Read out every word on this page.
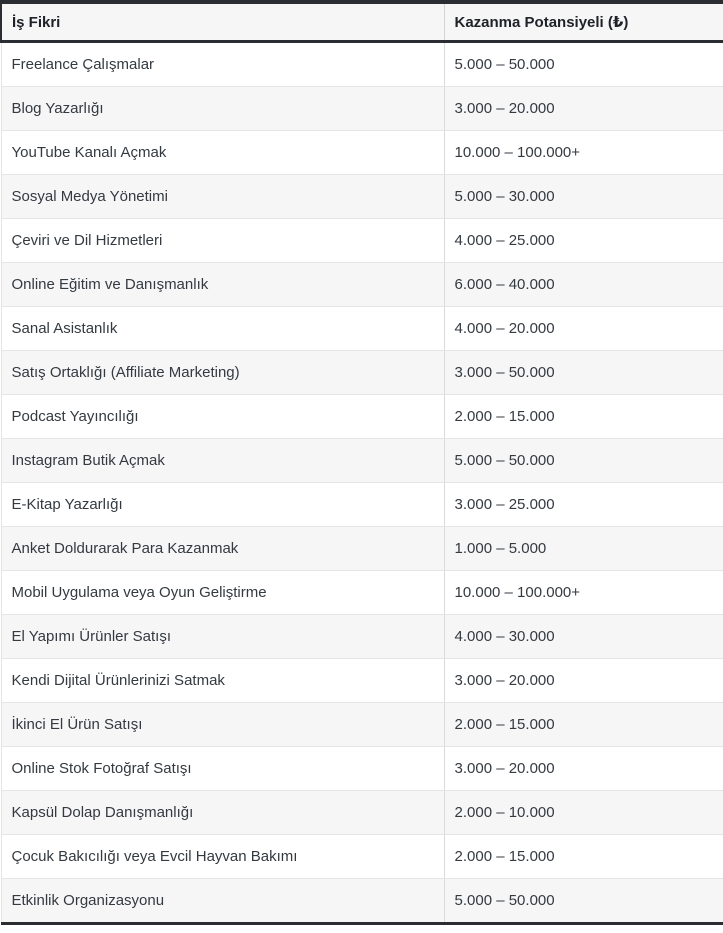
İş Fikri	Kazanma Potansiyeli (₺)
Freelance Çalışmalar	5.000 – 50.000
Blog Yazarlığı	3.000 – 20.000
YouTube Kanalı Açmak	10.000 – 100.000+
Sosyal Medya Yönetimi	5.000 – 30.000
Çeviri ve Dil Hizmetleri	4.000 – 25.000
Online Eğitim ve Danışmanlık	6.000 – 40.000
Sanal Asistanlık	4.000 – 20.000
Satış Ortaklığı (Affiliate Marketing)	3.000 – 50.000
Podcast Yayıncılığı	2.000 – 15.000
Instagram Butik Açmak	5.000 – 50.000
E-Kitap Yazarlığı	3.000 – 25.000
Anket Doldurarak Para Kazanmak	1.000 – 5.000
Mobil Uygulama veya Oyun Geliştirme	10.000 – 100.000+
El Yapımı Ürünler Satışı	4.000 – 30.000
Kendi Dijital Ürünlerinizi Satmak	3.000 – 20.000
İkinci El Ürün Satışı	2.000 – 15.000
Online Stok Fotoğraf Satışı	3.000 – 20.000
Kapsül Dolap Danışmanlığı	2.000 – 10.000
Çocuk Bakıcılığı veya Evcil Hayvan Bakımı	2.000 – 15.000
Etkinlik Organizasyonu	5.000 – 50.000
